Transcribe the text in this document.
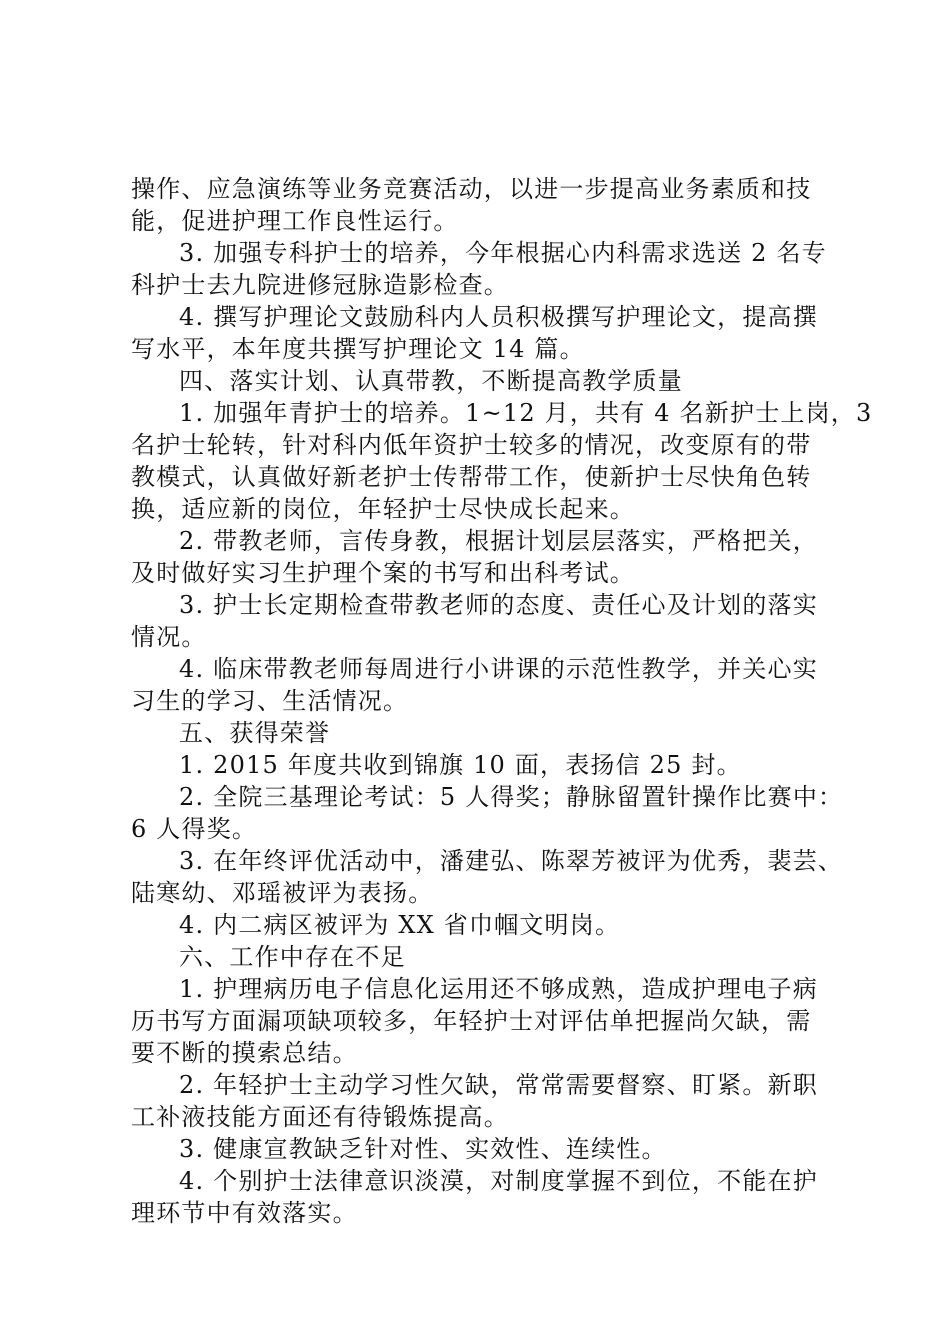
操作、应急演练等业务竞赛活动，以进一步提高业务素质和技
能，促进护理工作良性运行。
3. 加强专科护士的培养，今年根据心内科需求选送 2 名专
科护士去九院进修冠脉造影检查。
4. 撰写护理论文鼓励科内人员积极撰写护理论文，提高撰
写水平，本年度共撰写护理论文 14 篇。
四、落实计划、认真带教，不断提高教学质量
1. 加强年青护士的培养。1~12 月，共有 4 名新护士上岗，3
名护士轮转，针对科内低年资护士较多的情况，改变原有的带
教模式，认真做好新老护士传帮带工作，使新护士尽快角色转
换，适应新的岗位，年轻护士尽快成长起来。
2. 带教老师，言传身教，根据计划层层落实，严格把关，
及时做好实习生护理个案的书写和出科考试。
3. 护士长定期检查带教老师的态度、责任心及计划的落实
情况。
4. 临床带教老师每周进行小讲课的示范性教学，并关心实
习生的学习、生活情况。
五、获得荣誉
1. 2015 年度共收到锦旗 10 面，表扬信 25 封。
2. 全院三基理论考试：5 人得奖；静脉留置针操作比赛中：
6 人得奖。
3. 在年终评优活动中，潘建弘、陈翠芳被评为优秀，裴芸、
陆寒幼、邓瑶被评为表扬。
4. 内二病区被评为 XX 省巾帼文明岗。
六、工作中存在不足
1. 护理病历电子信息化运用还不够成熟，造成护理电子病
历书写方面漏项缺项较多，年轻护士对评估单把握尚欠缺，需
要不断的摸索总结。
2. 年轻护士主动学习性欠缺，常常需要督察、盯紧。新职
工补液技能方面还有待锻炼提高。
3. 健康宣教缺乏针对性、实效性、连续性。
4. 个别护士法律意识淡漠，对制度掌握不到位，不能在护
理环节中有效落实。
